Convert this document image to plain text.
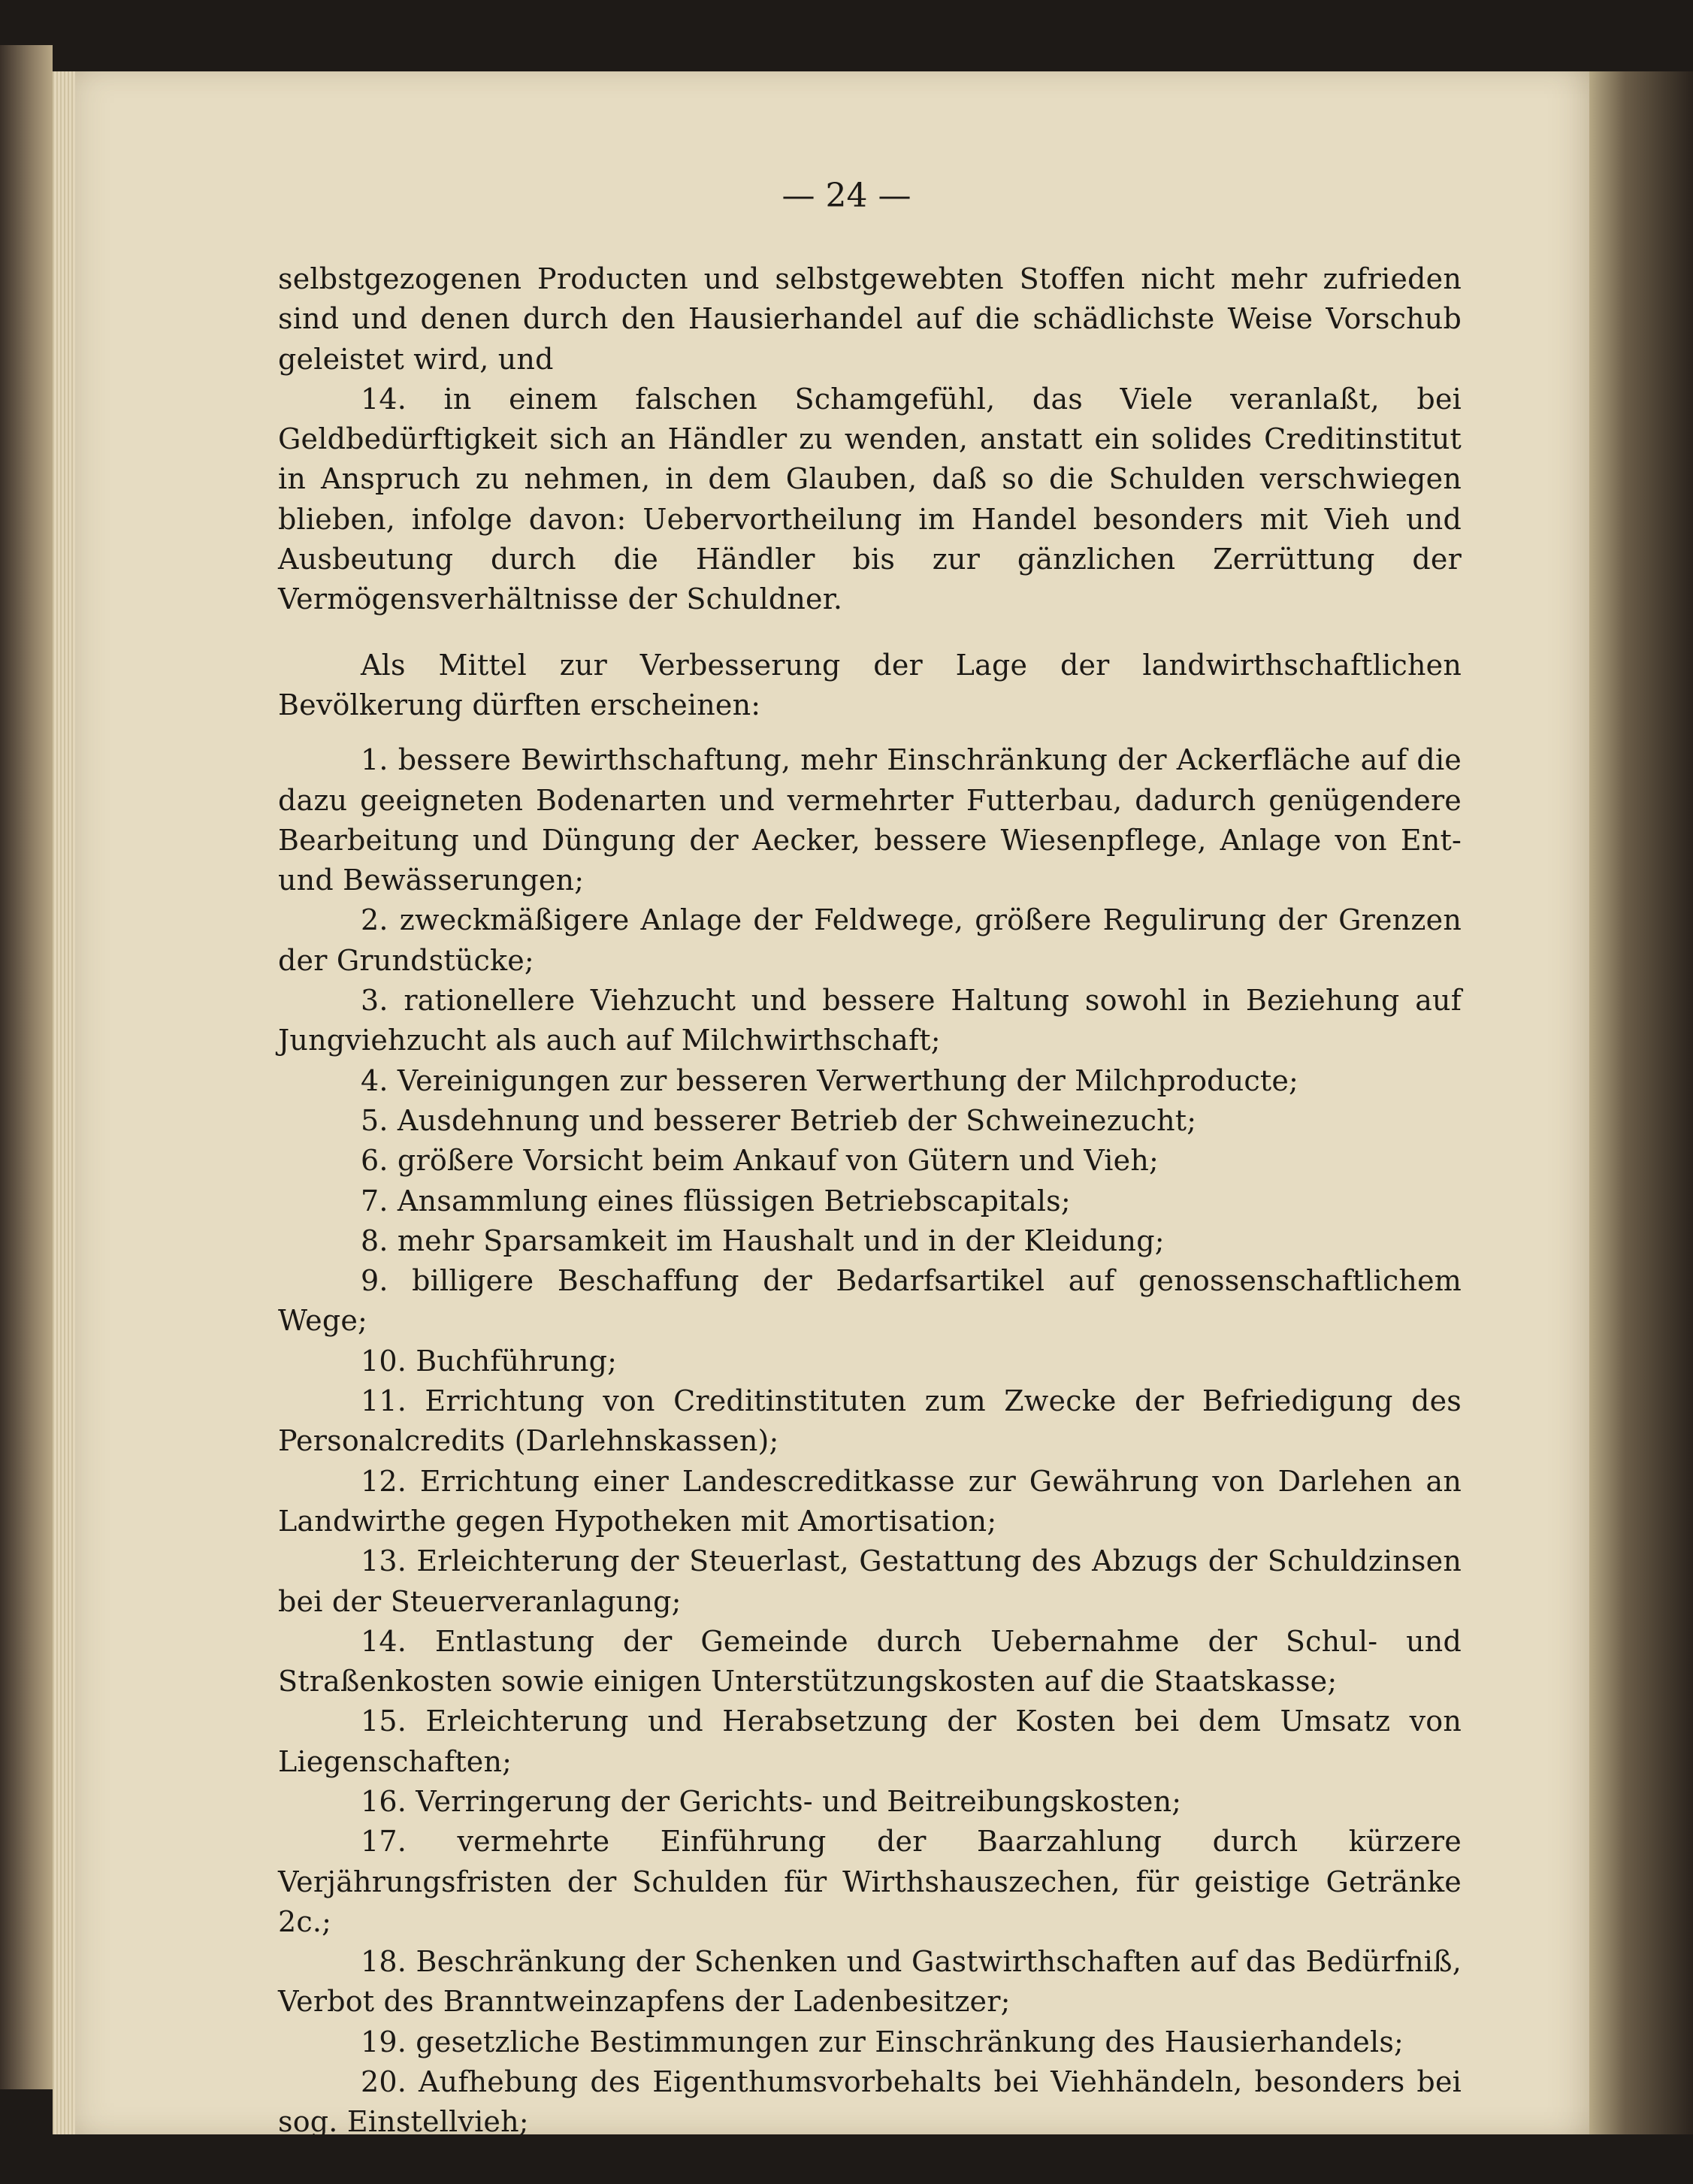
— 24 —

selbstgezogenen Producten und selbstgewebten Stoffen nicht mehr zufrieden sind und denen durch den Hausierhandel auf die schädlichste Weise Vorschub geleistet wird, und

14. in einem falschen Schamgefühl, das Viele veranlaßt, bei Geldbedürftigkeit sich an Händler zu wenden, anstatt ein solides Creditinstitut in Anspruch zu nehmen, in dem Glauben, daß so die Schulden verschwiegen blieben, infolge davon: Uebervortheilung im Handel besonders mit Vieh und Ausbeutung durch die Händler bis zur gänzlichen Zerrüttung der Vermögensverhältnisse der Schuldner.

Als Mittel zur Verbesserung der Lage der landwirthschaftlichen Bevölkerung dürften erscheinen:

1. bessere Bewirthschaftung, mehr Einschränkung der Ackerfläche auf die dazu geeigneten Bodenarten und vermehrter Futterbau, dadurch genügendere Bearbeitung und Düngung der Aecker, bessere Wiesenpflege, Anlage von Ent- und Bewässerungen;

2. zweckmäßigere Anlage der Feldwege, größere Regulirung der Grenzen der Grundstücke;

3. rationellere Viehzucht und bessere Haltung sowohl in Beziehung auf Jungviehzucht als auch auf Milchwirthschaft;

4. Vereinigungen zur besseren Verwerthung der Milchproducte;

5. Ausdehnung und besserer Betrieb der Schweinezucht;

6. größere Vorsicht beim Ankauf von Gütern und Vieh;

7. Ansammlung eines flüssigen Betriebscapitals;

8. mehr Sparsamkeit im Haushalt und in der Kleidung;

9. billigere Beschaffung der Bedarfsartikel auf genossenschaftlichem Wege;

10. Buchführung;

11. Errichtung von Creditinstituten zum Zwecke der Befriedigung des Personalcredits (Darlehnskassen);

12. Errichtung einer Landescreditkasse zur Gewährung von Darlehen an Landwirthe gegen Hypotheken mit Amortisation;

13. Erleichterung der Steuerlast, Gestattung des Abzugs der Schuldzinsen bei der Steuerveranlagung;

14. Entlastung der Gemeinde durch Uebernahme der Schul- und Straßenkosten sowie einigen Unterstützungskosten auf die Staatskasse;

15. Erleichterung und Herabsetzung der Kosten bei dem Umsatz von Liegenschaften;

16. Verringerung der Gerichts- und Beitreibungskosten;

17. vermehrte Einführung der Baarzahlung durch kürzere Verjährungsfristen der Schulden für Wirthshauszechen, für geistige Getränke 2c.;

18. Beschränkung der Schenken und Gastwirthschaften auf das Bedürfniß, Verbot des Branntweinzapfens der Ladenbesitzer;

19. gesetzliche Bestimmungen zur Einschränkung des Hausierhandels;

20. Aufhebung des Eigenthumsvorbehalts bei Viehhändeln, besonders bei sog. Einstellvieh;
